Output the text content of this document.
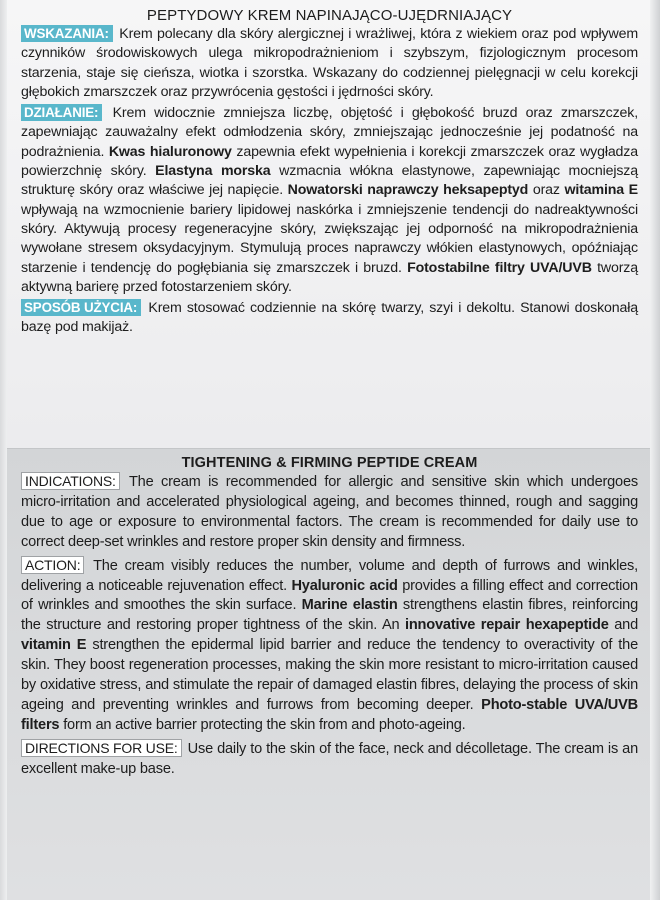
PEPTYDOWY KREM NAPINAJĄCO-UJĘDRNIAJĄCY

WSKAZANIA: Krem polecany dla skóry alergicznej i wrażliwej, która z wiekiem oraz pod wpływem czynników środowiskowych ulega mikropodrażnieniom i szybszym, fizjologicznym procesom starzenia, staje się cieńsza, wiotka i szorstka. Wskazany do codziennej pielęgnacji w celu korekcji głębokich zmarszczek oraz przywrócenia gęstości i jędrności skóry.

DZIAŁANIE: Krem widocznie zmniejsza liczbę, objętość i głębokość bruzd oraz zmarszczek, zapewniając zauważalny efekt odmłodzenia skóry, zmniejszając jednocześnie jej podatność na podrażnienia. Kwas hialuronowy zapewnia efekt wypełnienia i korekcji zmarszczek oraz wygładza powierzchnię skóry. Elastyna morska wzmacnia włókna elastynowe, zapewniając mocniejszą strukturę skóry oraz właściwe jej napięcie. Nowatorski naprawczy heksapeptyd oraz witamina E wpływają na wzmocnienie bariery lipidowej naskórka i zmniejszenie tendencji do nadreaktywności skóry. Aktywują procesy regeneracyjne skóry, zwiększając jej odporność na mikropodrażnienia wywołane stresem oksydacyjnym. Stymulują proces naprawczy włókien elastynowych, opóźniając starzenie i tendencję do pogłębiania się zmarszczek i bruzd. Fotostabilne filtry UVA/UVB tworzą aktywną barierę przed fotostarzeniem skóry.

SPOSÓB UŻYCIA: Krem stosować codziennie na skórę twarzy, szyi i dekoltu. Stanowi doskonałą bazę pod makijaż.

TIGHTENING & FIRMING PEPTIDE CREAM

INDICATIONS: The cream is recommended for allergic and sensitive skin which undergoes micro-irritation and accelerated physiological ageing, and becomes thinned, rough and sagging due to age or exposure to environmental factors. The cream is recommended for daily use to correct deep-set wrinkles and restore proper skin density and firmness.

ACTION: The cream visibly reduces the number, volume and depth of furrows and winkles, delivering a noticeable rejuvenation effect. Hyaluronic acid provides a filling effect and correction of wrinkles and smoothes the skin surface. Marine elastin strengthens elastin fibres, reinforcing the structure and restoring proper tightness of the skin. An innovative repair hexapeptide and vitamin E strengthen the epidermal lipid barrier and reduce the tendency to overactivity of the skin. They boost regeneration processes, making the skin more resistant to micro-irritation caused by oxidative stress, and stimulate the repair of damaged elastin fibres, delaying the process of skin ageing and preventing wrinkles and furrows from becoming deeper. Photo-stable UVA/UVB filters form an active barrier protecting the skin from and photo-ageing.

DIRECTIONS FOR USE: Use daily to the skin of the face, neck and décolletage. The cream is an excellent make-up base.
